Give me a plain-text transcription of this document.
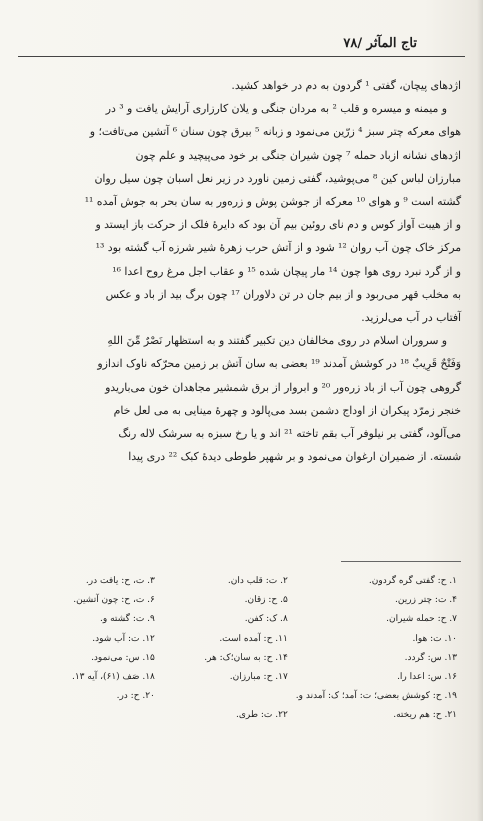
تاج المآثر /۷۸

اژدهای پیچان، گفتی ¹ گردون به دم در خواهد کشید.

و میمنه و میسره و قلب ² به مردان جنگی و یلان کارزاری آرایش یافت و ³ در

هوای معرکه چتر سبز ⁴ زرّین می‌نمود و زبانه ⁵ بیرق چون سنان ⁶ آتشین می‌تافت؛ و

اژدهای نشانه ازباد حمله ⁷ چون شیران جنگی بر خود می‌پیچید و علم چون

مبارزان لباس کین ⁸ می‌پوشید، گفتی زمین ناورد در زیر نعل اسبان چون سیل روان

گشته است ⁹ و هوای ¹⁰ معرکه از جوشن پوش و زره‌ور به سان بحر به جوش آمده ¹¹

و از هیبت آواز کوس و دم نای روئین بیم آن بود که دایرهٔ فلک از حرکت باز ایستد و

مرکز خاک چون آب روان ¹² شود و از آتش حرب زهرهٔ شیر شرزه آب گشته بود ¹³

و از گرد نبرد روی هوا چون ¹⁴ مار پیچان شده ¹⁵ و عقاب اجل مرغ روح اعدا ¹⁶

به مخلب قهر می‌ربود و از بیم جان در تن دلاوران ¹⁷ چون برگ بید از باد و عکس

آفتاب در آب می‌لرزید.

و سروران اسلام در روی مخالفان دین تکبیر گفتند و به استظهار نَصْرٌ مِّنَ اللهِ

وَفَتْحٌ قَرِيبٌ ¹⁸ در کوشش آمدند ¹⁹ بعضی به سان آتش بر زمین محرّکه ناوک اندازو

گروهی چون آب از باد زره‌ور ²⁰ و ابروار از برق شمشیر مجاهدان خون می‌باریدو

خنجر زمرّد پیکران از اوداج دشمن بسد می‌پالود و چهرهٔ مینایی به می لعل خام

می‌آلود، گفتی بر نیلوفر آب بقم تاخته ²¹ اند و یا رخ سبزه به سرشک لاله رنگ

شسته. از ضمیران ارغوان می‌نمود و بر شهپر طوطی دیدهٔ کبک ²² دری پیدا

۱. ح: گفتی گره گردون.
۲. ت: قلب دان.
۳. ت، ح: یافت در.
۴. ت: چتر زرین.
۵. ح: زقان.
۶. ت، ح: چون آتشین.
۷. ح: حمله شیران.
۸. ک: کفن.
۹. ت: گشته و.
۱۰. ت: هوا.
۱۱. ح: آمده است.
۱۲. ت: آب شود.
۱۳. س: گردد.
۱۴. ح: به سان؛ک: هر.
۱۵. س: می‌نمود.
۱۶. س: اعدا را.
۱۷. ح: مبارزان.
۱۸. صَف (۶۱)، آیه ۱۳.
۱۹. ح: کوشش بعضی؛ ت: آمد؛ ک: آمدند و.
۲۰. ح: در.
۲۱. ح: هم ریخته.
۲۲. ت: طری.
